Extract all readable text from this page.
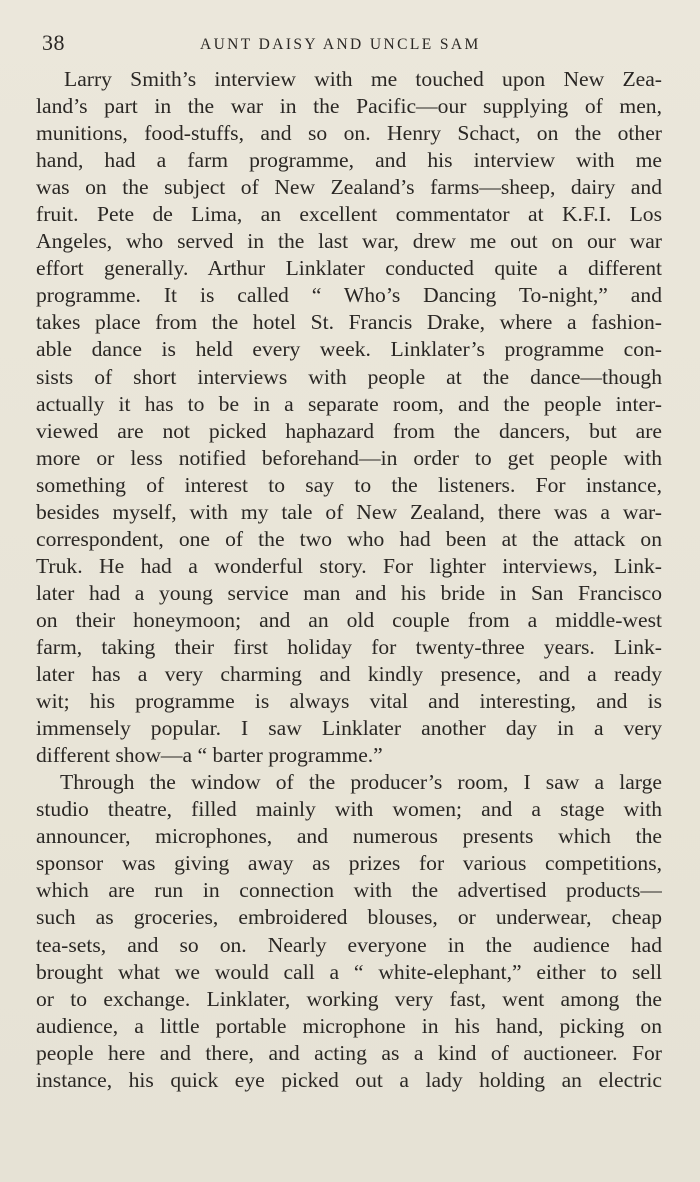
38	AUNT DAISY AND UNCLE SAM
Larry Smith’s interview with me touched upon New Zea-
land’s part in the war in the Pacific—our supplying of men,
munitions, food-stuffs, and so on. Henry Schact, on the other
hand, had a farm programme, and his interview with me
was on the subject of New Zealand’s farms—sheep, dairy and
fruit. Pete de Lima, an excellent commentator at K.F.I. Los
Angeles, who served in the last war, drew me out on our war
effort generally. Arthur Linklater conducted quite a different
programme. It is called “ Who’s Dancing To-night,” and
takes place from the hotel St. Francis Drake, where a fashion-
able dance is held every week. Linklater’s programme con-
sists of short interviews with people at the dance—though
actually it has to be in a separate room, and the people inter-
viewed are not picked haphazard from the dancers, but are
more or less notified beforehand—in order to get people with
something of interest to say to the listeners. For instance,
besides myself, with my tale of New Zealand, there was a war-
correspondent, one of the two who had been at the attack on
Truk. He had a wonderful story. For lighter interviews, Link-
later had a young service man and his bride in San Francisco
on their honeymoon; and an old couple from a middle-west
farm, taking their first holiday for twenty-three years. Link-
later has a very charming and kindly presence, and a ready
wit; his programme is always vital and interesting, and is
immensely popular. I saw Linklater another day in a very
different show—a “ barter programme.”
Through the window of the producer’s room, I saw a large
studio theatre, filled mainly with women; and a stage with
announcer, microphones, and numerous presents which the
sponsor was giving away as prizes for various competitions,
which are run in connection with the advertised products—
such as groceries, embroidered blouses, or underwear, cheap
tea-sets, and so on. Nearly everyone in the audience had
brought what we would call a “ white-elephant,” either to sell
or to exchange. Linklater, working very fast, went among the
audience, a little portable microphone in his hand, picking on
people here and there, and acting as a kind of auctioneer. For
instance, his quick eye picked out a lady holding an electric
